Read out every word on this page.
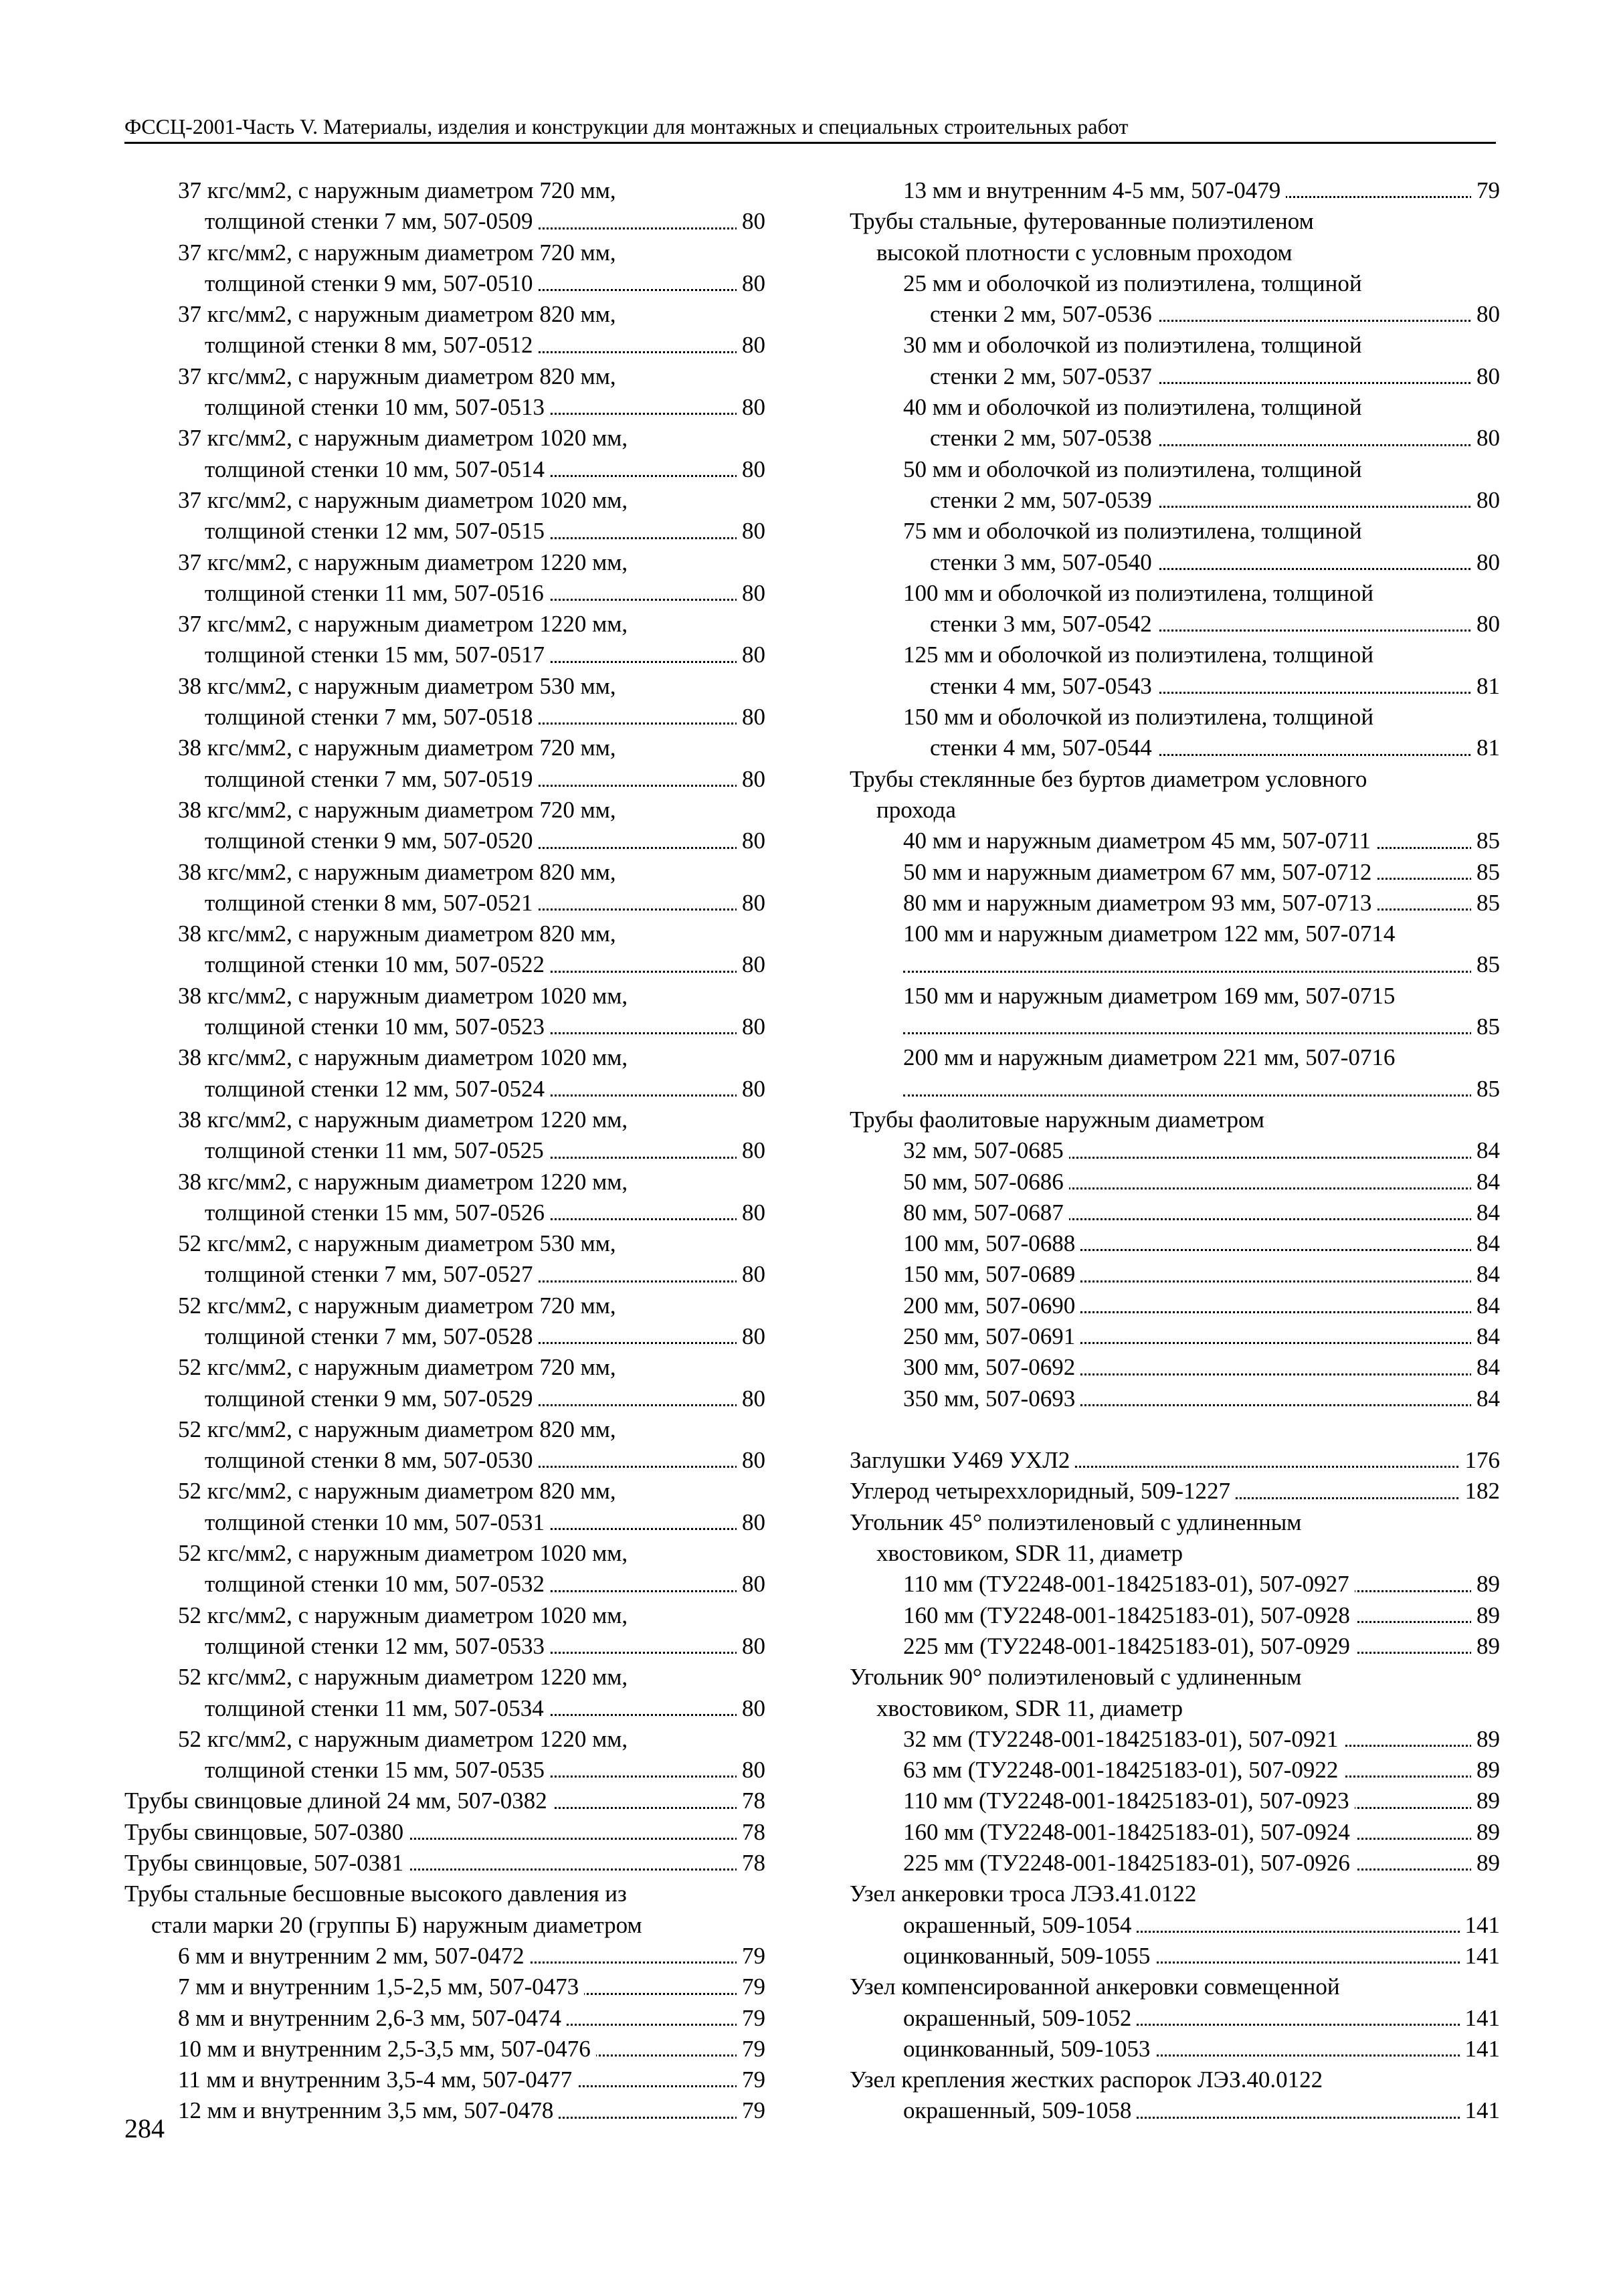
ФССЦ-2001-Часть V. Материалы, изделия и конструкции для монтажных и специальных строительных работ
37 кгс/мм2, с наружным диаметром 720 мм,
толщиной стенки 7 мм, 507-0509	80
37 кгс/мм2, с наружным диаметром 720 мм,
толщиной стенки 9 мм, 507-0510	80
37 кгс/мм2, с наружным диаметром 820 мм,
толщиной стенки 8 мм, 507-0512	80
37 кгс/мм2, с наружным диаметром 820 мм,
толщиной стенки 10 мм, 507-0513	80
37 кгс/мм2, с наружным диаметром 1020 мм,
толщиной стенки 10 мм, 507-0514	80
37 кгс/мм2, с наружным диаметром 1020 мм,
толщиной стенки 12 мм, 507-0515	80
37 кгс/мм2, с наружным диаметром 1220 мм,
толщиной стенки 11 мм, 507-0516	80
37 кгс/мм2, с наружным диаметром 1220 мм,
толщиной стенки 15 мм, 507-0517	80
38 кгс/мм2, с наружным диаметром 530 мм,
толщиной стенки 7 мм, 507-0518	80
38 кгс/мм2, с наружным диаметром 720 мм,
толщиной стенки 7 мм, 507-0519	80
38 кгс/мм2, с наружным диаметром 720 мм,
толщиной стенки 9 мм, 507-0520	80
38 кгс/мм2, с наружным диаметром 820 мм,
толщиной стенки 8 мм, 507-0521	80
38 кгс/мм2, с наружным диаметром 820 мм,
толщиной стенки 10 мм, 507-0522	80
38 кгс/мм2, с наружным диаметром 1020 мм,
толщиной стенки 10 мм, 507-0523	80
38 кгс/мм2, с наружным диаметром 1020 мм,
толщиной стенки 12 мм, 507-0524	80
38 кгс/мм2, с наружным диаметром 1220 мм,
толщиной стенки 11 мм, 507-0525	80
38 кгс/мм2, с наружным диаметром 1220 мм,
толщиной стенки 15 мм, 507-0526	80
52 кгс/мм2, с наружным диаметром 530 мм,
толщиной стенки 7 мм, 507-0527	80
52 кгс/мм2, с наружным диаметром 720 мм,
толщиной стенки 7 мм, 507-0528	80
52 кгс/мм2, с наружным диаметром 720 мм,
толщиной стенки 9 мм, 507-0529	80
52 кгс/мм2, с наружным диаметром 820 мм,
толщиной стенки 8 мм, 507-0530	80
52 кгс/мм2, с наружным диаметром 820 мм,
толщиной стенки 10 мм, 507-0531	80
52 кгс/мм2, с наружным диаметром 1020 мм,
толщиной стенки 10 мм, 507-0532	80
52 кгс/мм2, с наружным диаметром 1020 мм,
толщиной стенки 12 мм, 507-0533	80
52 кгс/мм2, с наружным диаметром 1220 мм,
толщиной стенки 11 мм, 507-0534	80
52 кгс/мм2, с наружным диаметром 1220 мм,
толщиной стенки 15 мм, 507-0535	80
Трубы свинцовые длиной 24 мм, 507-0382	78
Трубы свинцовые, 507-0380	78
Трубы свинцовые, 507-0381	78
Трубы стальные бесшовные высокого давления из
стали марки 20 (группы Б) наружным диаметром
6 мм и внутренним 2 мм, 507-0472	79
7 мм и внутренним 1,5-2,5 мм, 507-0473	79
8 мм и внутренним 2,6-3 мм, 507-0474	79
10 мм и внутренним 2,5-3,5 мм, 507-0476	79
11 мм и внутренним 3,5-4 мм, 507-0477	79
12 мм и внутренним 3,5 мм, 507-0478	79
13 мм и внутренним 4-5 мм, 507-0479	79
Трубы стальные, футерованные полиэтиленом
высокой плотности с условным проходом
25 мм и оболочкой из полиэтилена, толщиной
стенки 2 мм, 507-0536	80
30 мм и оболочкой из полиэтилена, толщиной
стенки 2 мм, 507-0537	80
40 мм и оболочкой из полиэтилена, толщиной
стенки 2 мм, 507-0538	80
50 мм и оболочкой из полиэтилена, толщиной
стенки 2 мм, 507-0539	80
75 мм и оболочкой из полиэтилена, толщиной
стенки 3 мм, 507-0540	80
100 мм и оболочкой из полиэтилена, толщиной
стенки 3 мм, 507-0542	80
125 мм и оболочкой из полиэтилена, толщиной
стенки 4 мм, 507-0543	81
150 мм и оболочкой из полиэтилена, толщиной
стенки 4 мм, 507-0544	81
Трубы стеклянные без буртов диаметром условного
прохода
40 мм и наружным диаметром 45 мм, 507-0711	85
50 мм и наружным диаметром 67 мм, 507-0712	85
80 мм и наружным диаметром 93 мм, 507-0713	85
100 мм и наружным диаметром 122 мм, 507-0714
85
150 мм и наружным диаметром 169 мм, 507-0715
85
200 мм и наружным диаметром 221 мм, 507-0716
85
Трубы фаолитовые наружным диаметром
32 мм, 507-0685	84
50 мм, 507-0686	84
80 мм, 507-0687	84
100 мм, 507-0688	84
150 мм, 507-0689	84
200 мм, 507-0690	84
250 мм, 507-0691	84
300 мм, 507-0692	84
350 мм, 507-0693	84
Заглушки У469 УХЛ2	176
Углерод четыреххлоридный, 509-1227	182
Угольник 45° полиэтиленовый с удлиненным
хвостовиком, SDR 11, диаметр
110 мм (ТУ2248-001-18425183-01), 507-0927	89
160 мм (ТУ2248-001-18425183-01), 507-0928	89
225 мм (ТУ2248-001-18425183-01), 507-0929	89
Угольник 90° полиэтиленовый с удлиненным
хвостовиком, SDR 11, диаметр
32 мм (ТУ2248-001-18425183-01), 507-0921	89
63 мм (ТУ2248-001-18425183-01), 507-0922	89
110 мм (ТУ2248-001-18425183-01), 507-0923	89
160 мм (ТУ2248-001-18425183-01), 507-0924	89
225 мм (ТУ2248-001-18425183-01), 507-0926	89
Узел анкеровки троса ЛЭЗ.41.0122
окрашенный, 509-1054	141
оцинкованный, 509-1055	141
Узел компенсированной анкеровки совмещенной
окрашенный, 509-1052	141
оцинкованный, 509-1053	141
Узел крепления жестких распорок ЛЭЗ.40.0122
окрашенный, 509-1058	141
284
